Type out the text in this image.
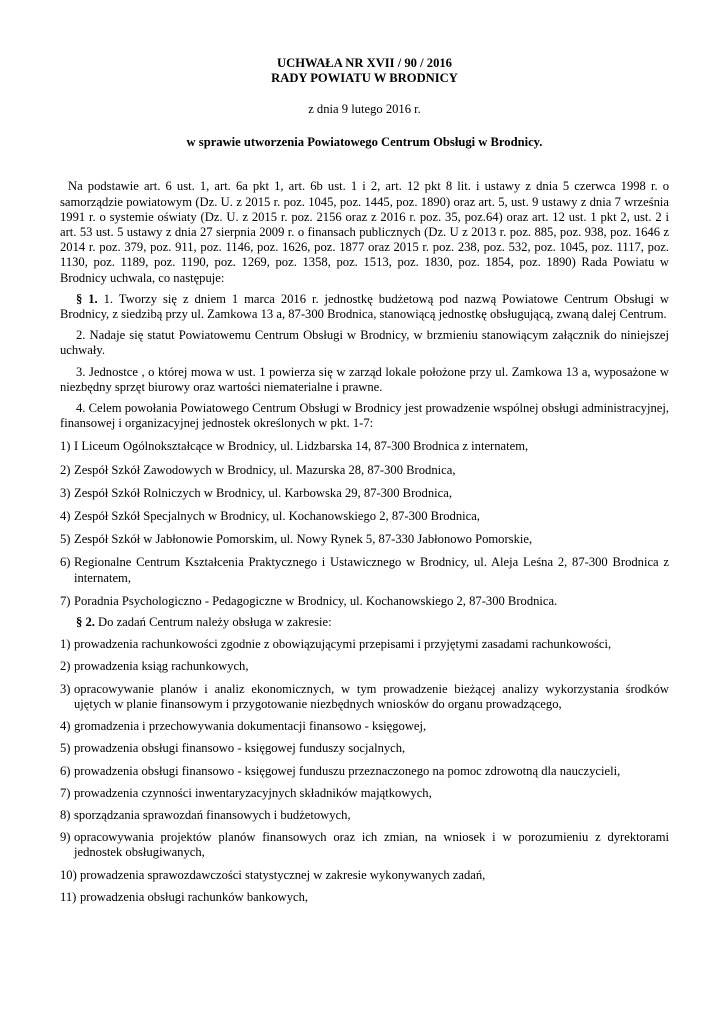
UCHWAŁA NR XVII / 90 / 2016
RADY POWIATU W BRODNICY
z dnia 9 lutego 2016 r.
w sprawie utworzenia Powiatowego Centrum Obsługi w Brodnicy.
Na podstawie art. 6 ust. 1, art. 6a pkt 1, art. 6b ust. 1 i 2, art. 12 pkt 8 lit. i ustawy z dnia 5 czerwca 1998 r. o samorządzie powiatowym (Dz. U. z 2015 r. poz. 1045, poz. 1445, poz. 1890) oraz art. 5, ust. 9 ustawy z dnia 7 września 1991 r. o systemie oświaty (Dz. U. z 2015 r. poz. 2156 oraz z 2016 r. poz. 35, poz.64) oraz art. 12 ust. 1 pkt 2, ust. 2 i art. 53 ust. 5 ustawy z dnia 27 sierpnia 2009 r. o finansach publicznych (Dz. U z 2013 r. poz. 885, poz. 938, poz. 1646 z 2014 r. poz. 379, poz. 911, poz. 1146, poz. 1626, poz. 1877 oraz 2015 r. poz. 238, poz. 532, poz. 1045, poz. 1117, poz. 1130, poz. 1189, poz. 1190, poz. 1269, poz. 1358, poz. 1513, poz. 1830, poz. 1854, poz. 1890) Rada Powiatu w Brodnicy uchwala, co następuje:
§ 1. 1. Tworzy się z dniem 1 marca 2016 r. jednostkę budżetową pod nazwą Powiatowe Centrum Obsługi w Brodnicy, z siedzibą przy ul. Zamkowa 13 a, 87-300 Brodnica, stanowiącą jednostkę obsługującą, zwaną dalej Centrum.
2. Nadaje się statut Powiatowemu Centrum Obsługi w Brodnicy, w brzmieniu stanowiącym załącznik do niniejszej uchwały.
3. Jednostce , o której mowa w ust. 1 powierza się w zarząd lokale położone przy ul. Zamkowa 13 a, wyposażone w niezbędny sprzęt biurowy oraz wartości niematerialne i prawne.
4. Celem powołania Powiatowego Centrum Obsługi w Brodnicy jest prowadzenie wspólnej obsługi administracyjnej, finansowej i organizacyjnej jednostek określonych w pkt. 1-7:
1) I Liceum Ogólnokształcące w Brodnicy, ul. Lidzbarska 14, 87-300 Brodnica z internatem,
2) Zespół Szkół Zawodowych w Brodnicy, ul. Mazurska 28, 87-300 Brodnica,
3) Zespół Szkół Rolniczych w Brodnicy, ul. Karbowska 29, 87-300 Brodnica,
4) Zespół Szkół Specjalnych w Brodnicy, ul. Kochanowskiego 2, 87-300 Brodnica,
5) Zespół Szkół w Jabłonowie Pomorskim, ul. Nowy Rynek 5, 87-330 Jabłonowo Pomorskie,
6) Regionalne Centrum Kształcenia Praktycznego i Ustawicznego w Brodnicy, ul. Aleja Leśna 2, 87-300 Brodnica z internatem,
7) Poradnia Psychologiczno - Pedagogiczne w Brodnicy, ul. Kochanowskiego 2, 87-300 Brodnica.
§ 2. Do zadań Centrum należy obsługa w zakresie:
1) prowadzenia rachunkowości zgodnie z obowiązującymi przepisami i przyjętymi zasadami rachunkowości,
2) prowadzenia ksiąg rachunkowych,
3) opracowywanie planów i analiz ekonomicznych, w tym prowadzenie bieżącej analizy wykorzystania środków ujętych w planie finansowym i przygotowanie niezbędnych wniosków do organu prowadzącego,
4) gromadzenia i przechowywania dokumentacji finansowo - księgowej,
5) prowadzenia obsługi finansowo - księgowej funduszy socjalnych,
6) prowadzenia obsługi finansowo - księgowej funduszu przeznaczonego na pomoc zdrowotną dla nauczycieli,
7) prowadzenia czynności inwentaryzacyjnych składników majątkowych,
8) sporządzania sprawozdań finansowych i budżetowych,
9) opracowywania projektów planów finansowych oraz ich zmian, na wniosek i w porozumieniu z dyrektorami jednostek obsługiwanych,
10) prowadzenia sprawozdawczości statystycznej w zakresie wykonywanych zadań,
11) prowadzenia obsługi rachunków bankowych,
